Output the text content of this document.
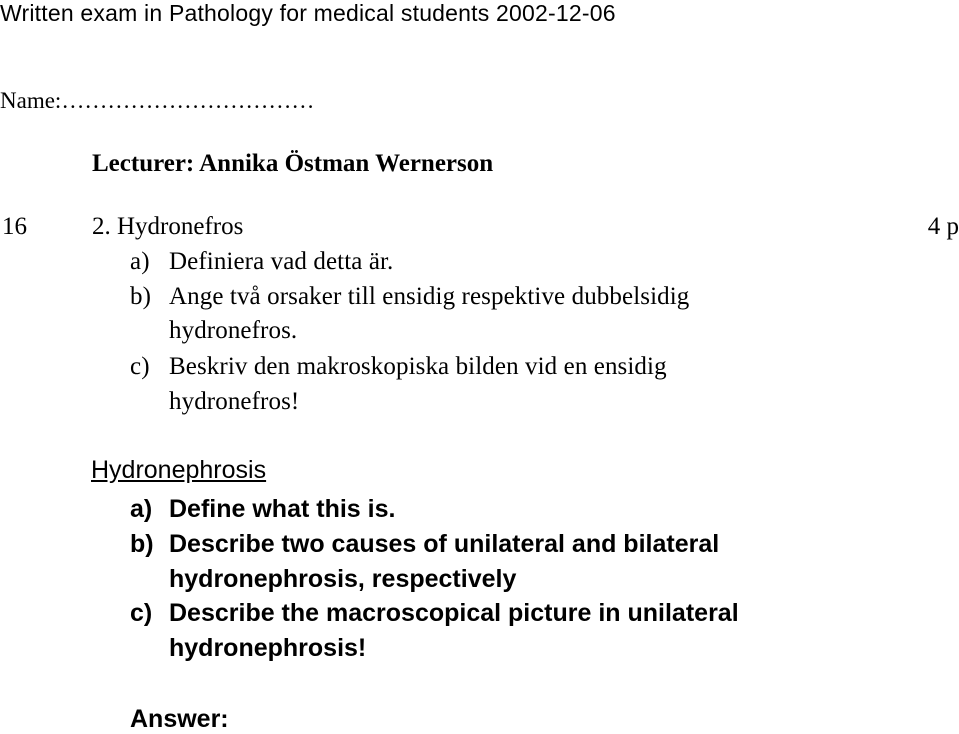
Written exam in Pathology for medical students 2002-12-06
Name:……………………………
Lecturer: Annika Östman Wernerson
16	2. Hydronefros	4 p
a) Definiera vad detta är.
b) Ange två orsaker till ensidig respektive dubbelsidig
hydronefros.
c) Beskriv den makroskopiska bilden vid en ensidig
hydronefros!
Hydronephrosis
a) Define what this is.
b) Describe two causes of unilateral and bilateral
hydronephrosis, respectively
c) Describe the macroscopical picture in unilateral
hydronephrosis!
Answer:
